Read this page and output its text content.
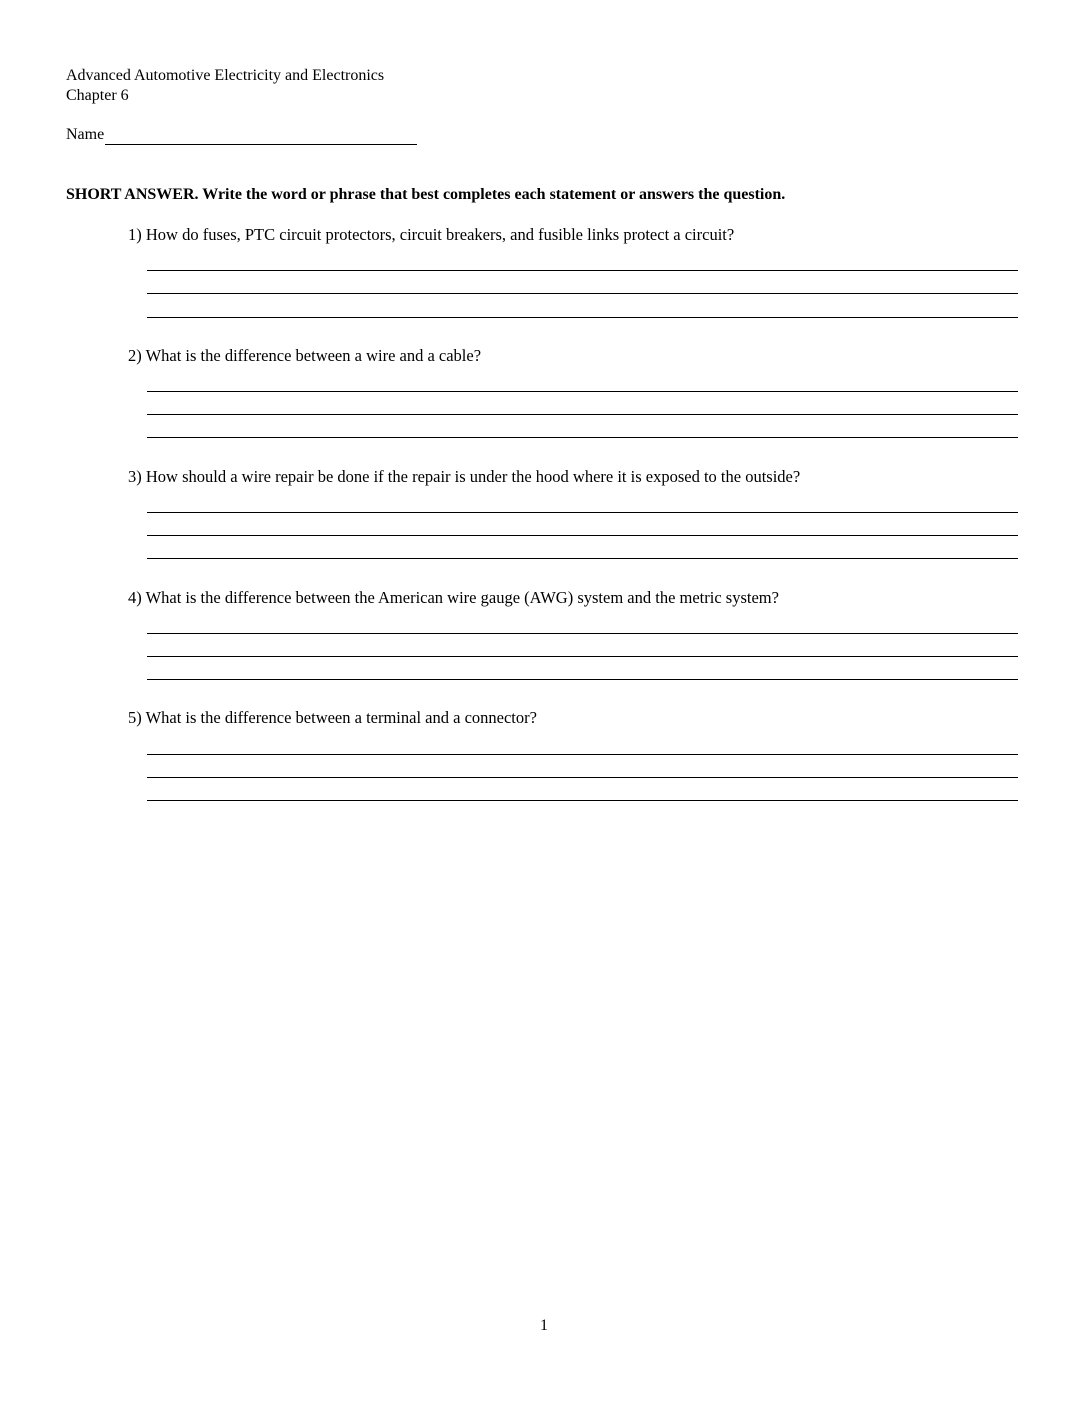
Advanced Automotive Electricity and Electronics
Chapter 6
Name
SHORT ANSWER. Write the word or phrase that best completes each statement or answers the question.
1) How do fuses, PTC circuit protectors, circuit breakers, and fusible links protect a circuit?
2) What is the difference between a wire and a cable?
3) How should a wire repair be done if the repair is under the hood where it is exposed to the outside?
4) What is the difference between the American wire gauge (AWG) system and the metric system?
5) What is the difference between a terminal and a connector?
1
